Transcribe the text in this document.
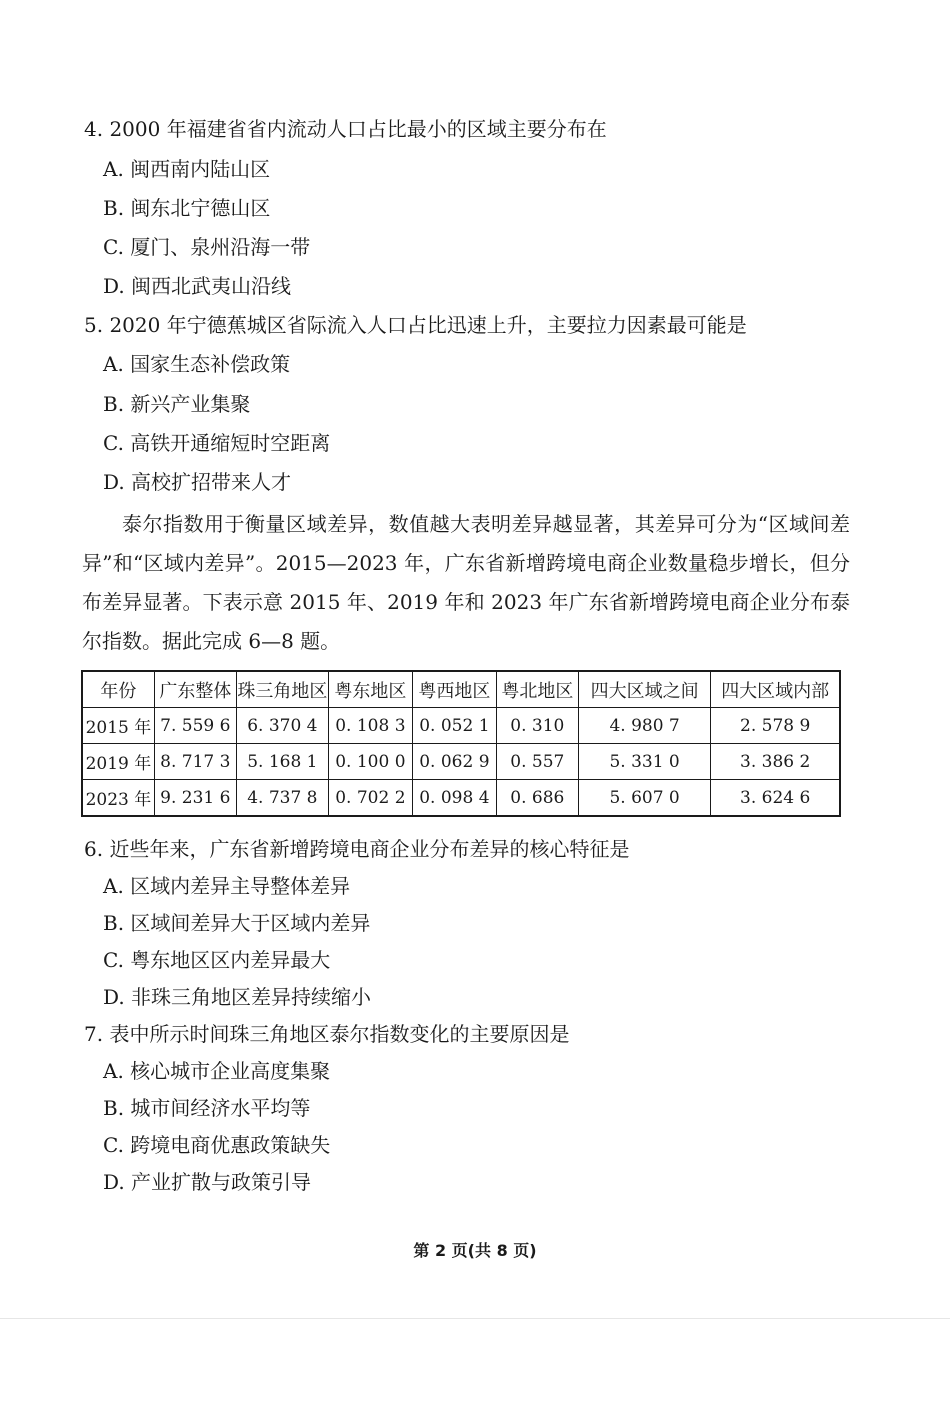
4. 2000 年福建省省内流动人口占比最小的区域主要分布在
A. 闽西南内陆山区
B. 闽东北宁德山区
C. 厦门、泉州沿海一带
D. 闽西北武夷山沿线
5. 2020 年宁德蕉城区省际流入人口占比迅速上升，主要拉力因素最可能是
A. 国家生态补偿政策
B. 新兴产业集聚
C. 高铁开通缩短时空距离
D. 高校扩招带来人才
泰尔指数用于衡量区域差异，数值越大表明差异越显著，其差异可分为“区域间差异”和“区域内差异”。2015—2023 年，广东省新增跨境电商企业数量稳步增长，但分布差异显著。下表示意 2015 年、2019 年和 2023 年广东省新增跨境电商企业分布泰尔指数。据此完成 6—8 题。
年份	广东整体	珠三角地区	粤东地区	粤西地区	粤北地区	四大区域之间	四大区域内部
2015 年	7. 559 6	6. 370 4	0. 108 3	0. 052 1	0. 310	4. 980 7	2. 578 9
2019 年	8. 717 3	5. 168 1	0. 100 0	0. 062 9	0. 557	5. 331 0	3. 386 2
2023 年	9. 231 6	4. 737 8	0. 702 2	0. 098 4	0. 686	5. 607 0	3. 624 6
6. 近些年来，广东省新增跨境电商企业分布差异的核心特征是
A. 区域内差异主导整体差异
B. 区域间差异大于区域内差异
C. 粤东地区区内差异最大
D. 非珠三角地区差异持续缩小
7. 表中所示时间珠三角地区泰尔指数变化的主要原因是
A. 核心城市企业高度集聚
B. 城市间经济水平均等
C. 跨境电商优惠政策缺失
D. 产业扩散与政策引导
第 2 页(共 8 页)
